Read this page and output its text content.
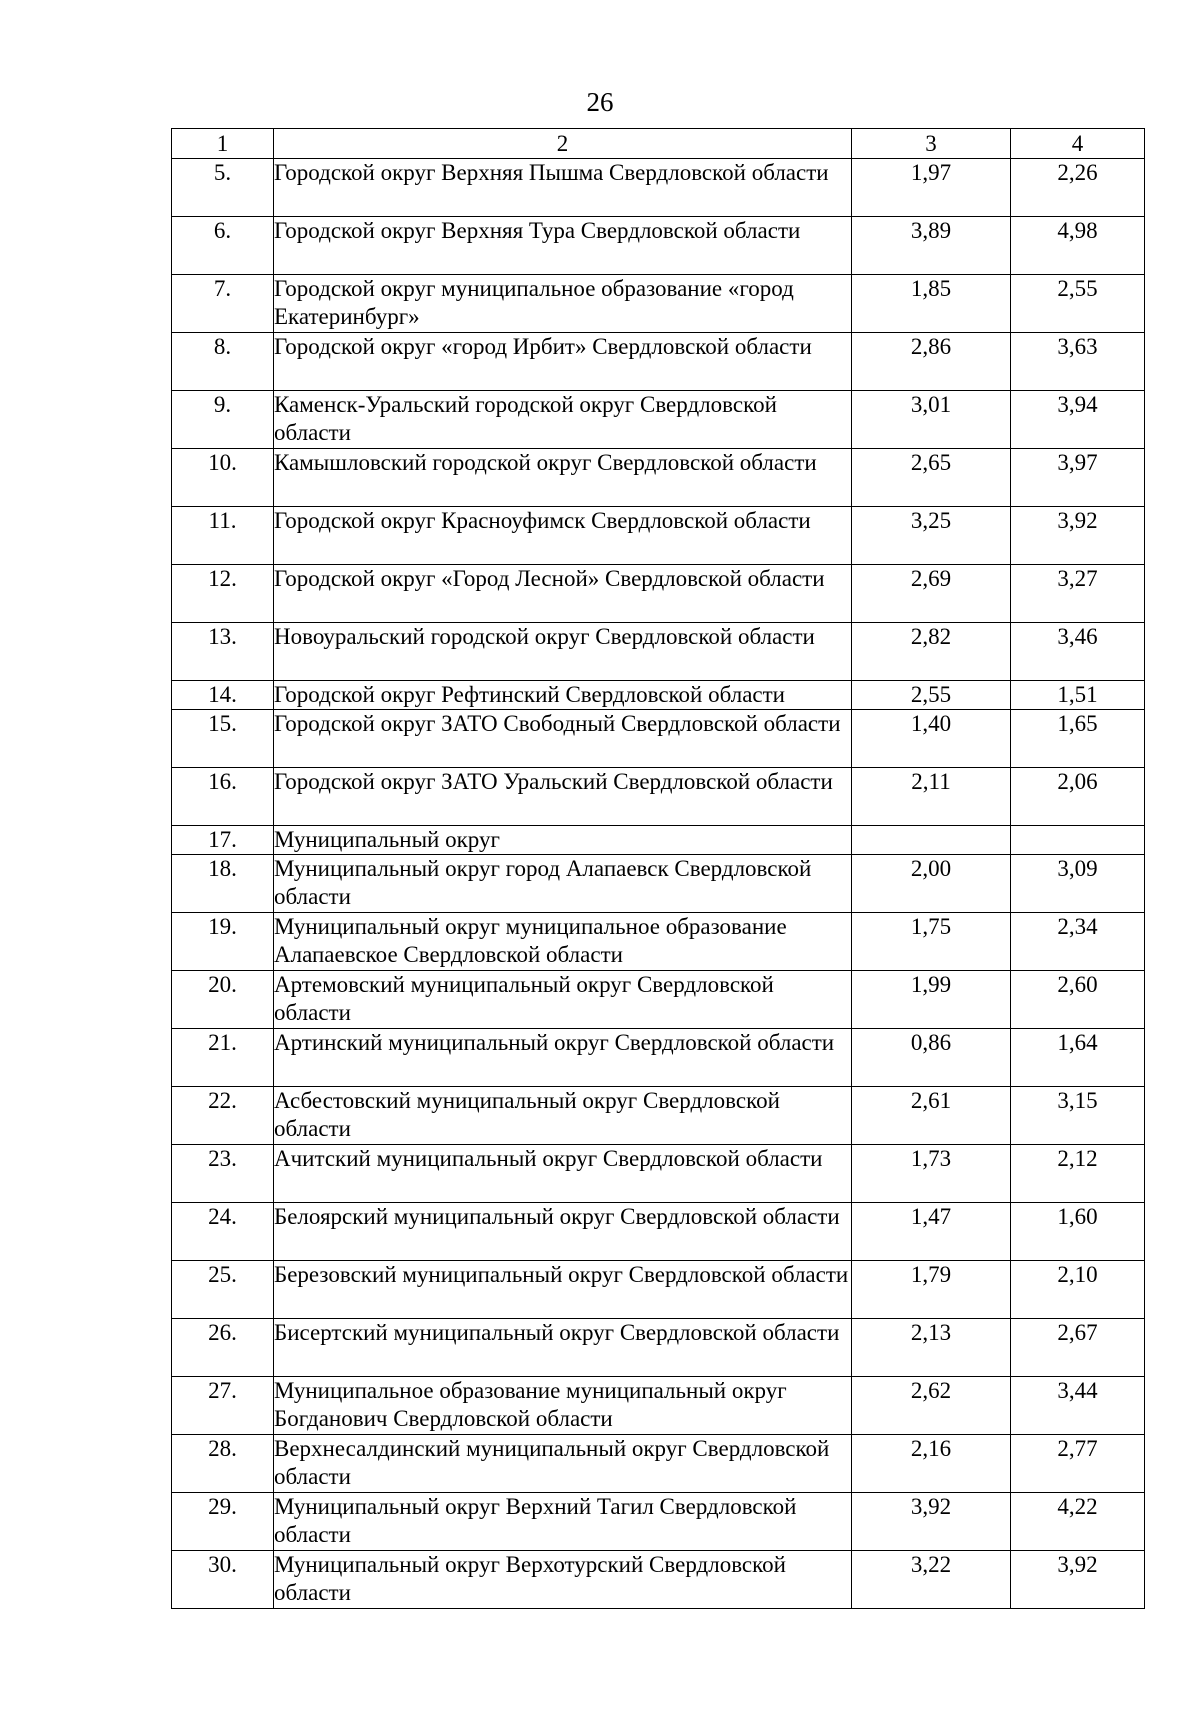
26
1	2	3	4
5.	Городской округ Верхняя Пышма Свердловской области	1,97	2,26
6.	Городской округ Верхняя Тура Свердловской области	3,89	4,98
7.	Городской округ муниципальное образование «город Екатеринбург»	1,85	2,55
8.	Городской округ «город Ирбит» Свердловской области	2,86	3,63
9.	Каменск-Уральский городской округ Свердловской области	3,01	3,94
10.	Камышловский городской округ Свердловской области	2,65	3,97
11.	Городской округ Красноуфимск Свердловской области	3,25	3,92
12.	Городской округ «Город Лесной» Свердловской области	2,69	3,27
13.	Новоуральский городской округ Свердловской области	2,82	3,46
14.	Городской округ Рефтинский Свердловской области	2,55	1,51
15.	Городской округ ЗАТО Свободный Свердловской области	1,40	1,65
16.	Городской округ ЗАТО Уральский Свердловской области	2,11	2,06
17.	Муниципальный округ		
18.	Муниципальный округ город Алапаевск Свердловской области	2,00	3,09
19.	Муниципальный округ муниципальное образование Алапаевское Свердловской области	1,75	2,34
20.	Артемовский муниципальный округ Свердловской области	1,99	2,60
21.	Артинский муниципальный округ Свердловской области	0,86	1,64
22.	Асбестовский муниципальный округ Свердловской области	2,61	3,15
23.	Ачитский муниципальный округ Свердловской области	1,73	2,12
24.	Белоярский муниципальный округ Свердловской области	1,47	1,60
25.	Березовский муниципальный округ Свердловской области	1,79	2,10
26.	Бисертский муниципальный округ Свердловской области	2,13	2,67
27.	Муниципальное образование муниципальный округ Богданович Свердловской области	2,62	3,44
28.	Верхнесалдинский муниципальный округ Свердловской области	2,16	2,77
29.	Муниципальный округ Верхний Тагил Свердловской области	3,92	4,22
30.	Муниципальный округ Верхотурский Свердловской области	3,22	3,92
